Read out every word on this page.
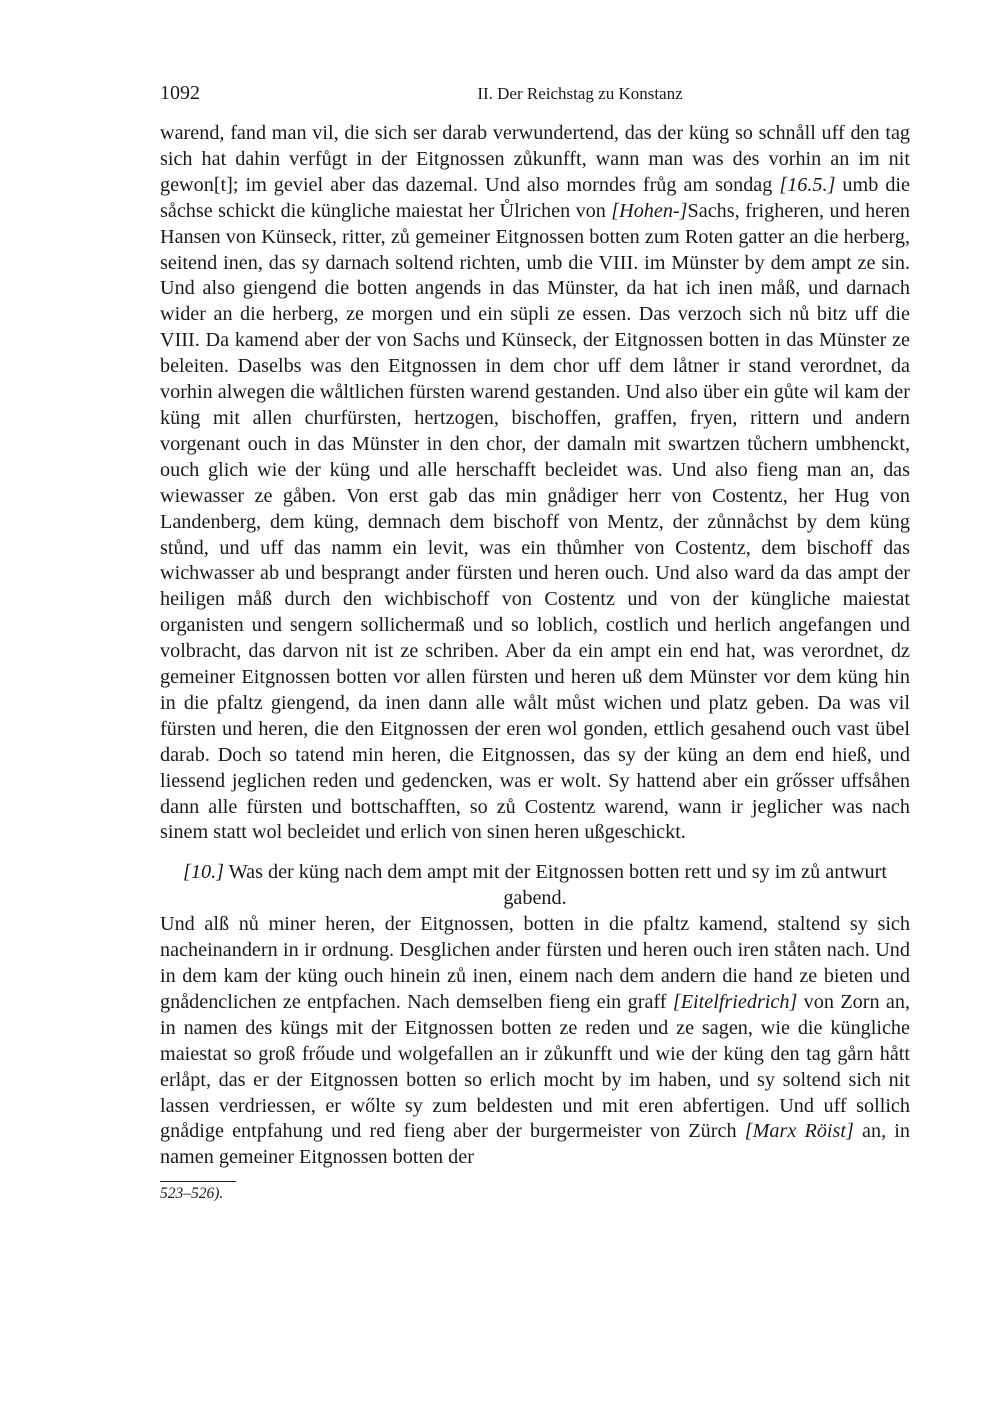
1092	II. Der Reichstag zu Konstanz

warend, fand man vil, die sich ser darab verwundertend, das der küng so schnåll uff den tag sich hat dahin verfůgt in der Eitgnossen zůkunfft, wann man was des vorhin an im nit gewon[t]; im geviel aber das dazemal. Und also morndes frůg am sondag [16.5.] umb die såchse schickt die küngliche maiestat her Ůlrichen von [Hohen-]Sachs, frigheren, und heren Hansen von Künseck, ritter, zů gemeiner Eitgnossen botten zum Roten gatter an die herberg, seitend inen, das sy darnach soltend richten, umb die VIII. im Münster by dem ampt ze sin. Und also giengend die botten angends in das Münster, da hat ich inen måß, und darnach wider an die herberg, ze morgen und ein süpli ze essen. Das verzoch sich nů bitz uff die VIII. Da kamend aber der von Sachs und Künseck, der Eitgnossen botten in das Münster ze beleiten. Daselbs was den Eitgnossen in dem chor uff dem låtner ir stand verordnet, da vorhin alwegen die wåltlichen fürsten warend gestanden. Und also über ein gůte wil kam der küng mit allen churfürsten, hertzogen, bischoffen, graffen, fryen, rittern und andern vorgenant ouch in das Münster in den chor, der damaln mit swartzen tůchern umbhenckt, ouch glich wie der küng und alle herschafft becleidet was. Und also fieng man an, das wiewasser ze gåben. Von erst gab das min gnådiger herr von Costentz, her Hug von Landenberg, dem küng, demnach dem bischoff von Mentz, der zůnnåchst by dem küng stůnd, und uff das namm ein levit, was ein thůmher von Costentz, dem bischoff das wichwasser ab und besprangt ander fürsten und heren ouch. Und also ward da das ampt der heiligen måß durch den wichbischoff von Costentz und von der küngliche maiestat organisten und sengern sollichermaß und so loblich, costlich und herlich angefangen und volbracht, das darvon nit ist ze schriben. Aber da ein ampt ein end hat, was verordnet, dz gemeiner Eitgnossen botten vor allen fürsten und heren uß dem Münster vor dem küng hin in die pfaltz giengend, da inen dann alle wålt můst wichen und platz geben. Da was vil fürsten und heren, die den Eitgnossen der eren wol gonden, ettlich gesahend ouch vast übel darab. Doch so tatend min heren, die Eitgnossen, das sy der küng an dem end hieß, und liessend jeglichen reden und gedencken, was er wolt. Sy hattend aber ein grősser uffsåhen dann alle fürsten und bottschafften, so zů Costentz warend, wann ir jeglicher was nach sinem statt wol becleidet und erlich von sinen heren ußgeschickt.

[10.] Was der küng nach dem ampt mit der Eitgnossen botten rett und sy im zů antwurt gabend.

Und alß nů miner heren, der Eitgnossen, botten in die pfaltz kamend, staltend sy sich nacheinandern in ir ordnung. Desglichen ander fürsten und heren ouch iren ståten nach. Und in dem kam der küng ouch hinein zů inen, einem nach dem andern die hand ze bieten und gnådenclichen ze entpfachen. Nach demselben fieng ein graff [Eitelfriedrich] von Zorn an, in namen des küngs mit der Eitgnossen botten ze reden und ze sagen, wie die küngliche maiestat so groß frőude und wolgefallen an ir zůkunfft und wie der küng den tag gårn hått erlåpt, das er der Eitgnossen botten so erlich mocht by im haben, und sy soltend sich nit lassen verdriessen, er wőlte sy zum beldesten und mit eren abfertigen. Und uff sollich gnådige entpfahung und red fieng aber der burgermeister von Zürch [Marx Röist] an, in namen gemeiner Eitgnossen botten der

523–526).
